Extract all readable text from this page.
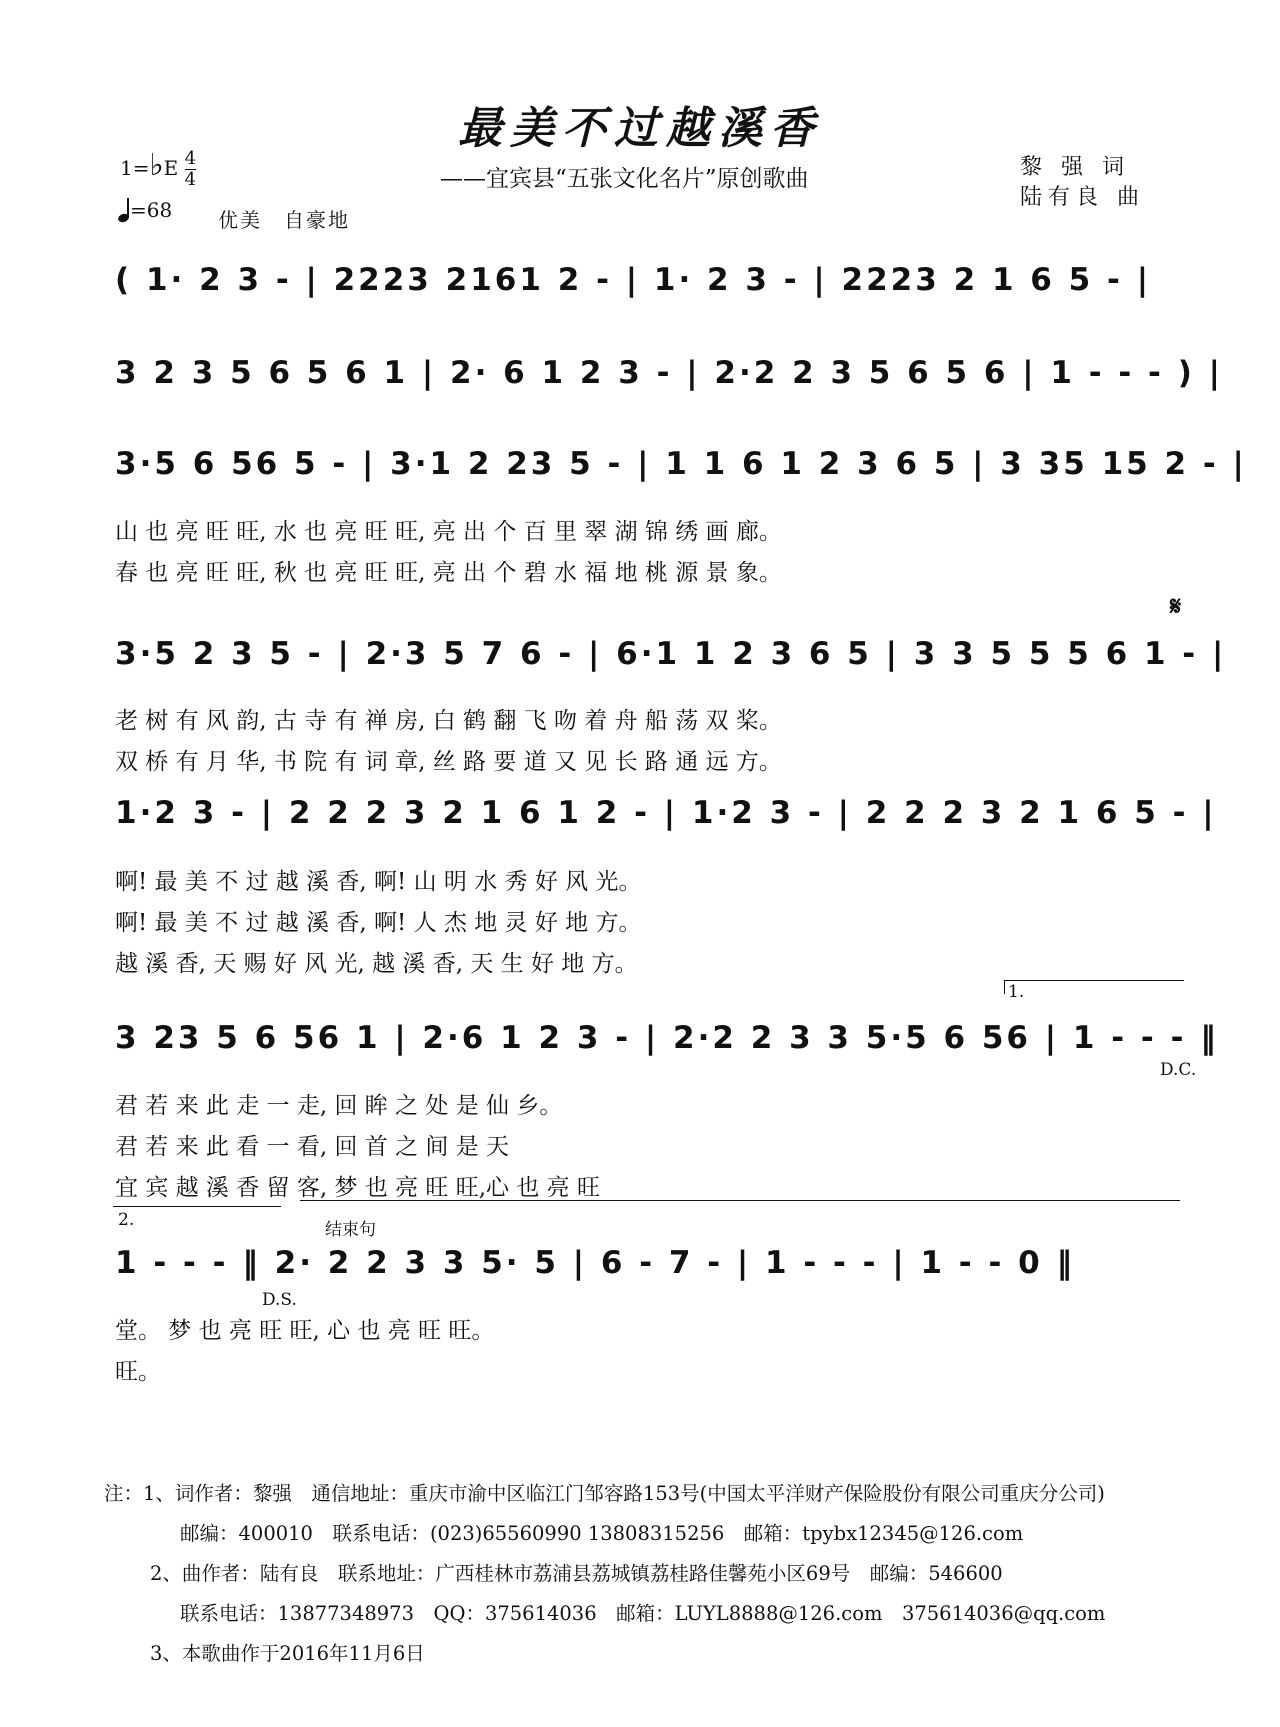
最美不过越溪香
——宜宾县“五张文化名片”原创歌曲	黎 强 词
陆有良 曲
1=♭E $\frac{4}{4}$
=68 优美　自豪地
( 1· 2 3 - | 2223 2161 2 - | 1· 2 3 - | 2223 2 1 6 5 - |
3 2 3 5 6 5 6 1 | 2· 6 1 2 3 - | 2·2 2 3 5 6 5 6 | 1 - - - ) |
3·5 6 56 5 - | 3·1 2 23 5 - | 1 1 6 1 2 3 6 5 | 3 35 15 2 - |
山 也 亮 旺 旺, 水 也 亮 旺 旺, 亮 出 个 百 里 翠 湖 锦 绣 画 廊。
春 也 亮 旺 旺, 秋 也 亮 旺 旺, 亮 出 个 碧 水 福 地 桃 源 景 象。
𝄋
3·5 2 3 5 - | 2·3 5 7 6 - | 6·1 1 2 3 6 5 | 3 3 5 5 5 6 1 - |
老 树 有 风 韵, 古 寺 有 禅 房, 白 鹤 翻 飞 吻 着 舟 船 荡 双 桨。
双 桥 有 月 华, 书 院 有 词 章, 丝 路 要 道 又 见 长 路 通 远 方。
1·2 3 - | 2 2 2 3 2 1 6 1 2 - | 1·2 3 - | 2 2 2 3 2 1 6 5 - |
啊! 最 美 不 过 越 溪 香, 啊! 山 明 水 秀 好 风 光。
啊! 最 美 不 过 越 溪 香, 啊! 人 杰 地 灵 好 地 方。
越 溪 香, 天 赐 好 风 光, 越 溪 香, 天 生 好 地 方。
1.
3 23 5 6 56 1 | 2·6 1 2 3 - | 2·2 2 3 3 5·5 6 56 | 1 - - - ‖
D.C.
君 若 来 此 走 一 走, 回 眸 之 处 是 仙 乡。
君 若 来 此 看 一 看, 回 首 之 间 是 天
宜 宾 越 溪 香 留 客, 梦 也 亮 旺 旺,心 也 亮 旺
2.	结束句
1 - - - ‖ 2· 2 2 3 3 5· 5 | 6 - 7 - | 1 - - - | 1 - - 0 ‖
D.S.
堂。 梦 也 亮 旺 旺, 心 也 亮 旺 旺。
旺。
注：1、词作者：黎强　通信地址：重庆市渝中区临江门邹容路153号(中国太平洋财产保险股份有限公司重庆分公司)
邮编：400010　联系电话：(023)65560990 13808315256　邮箱：tpybx12345@126.com
2、曲作者：陆有良　联系地址：广西桂林市荔浦县荔城镇荔桂路佳馨苑小区69号　邮编：546600
联系电话：13877348973　QQ：375614036　邮箱：LUYL8888@126.com　375614036@qq.com
3、本歌曲作于2016年11月6日
